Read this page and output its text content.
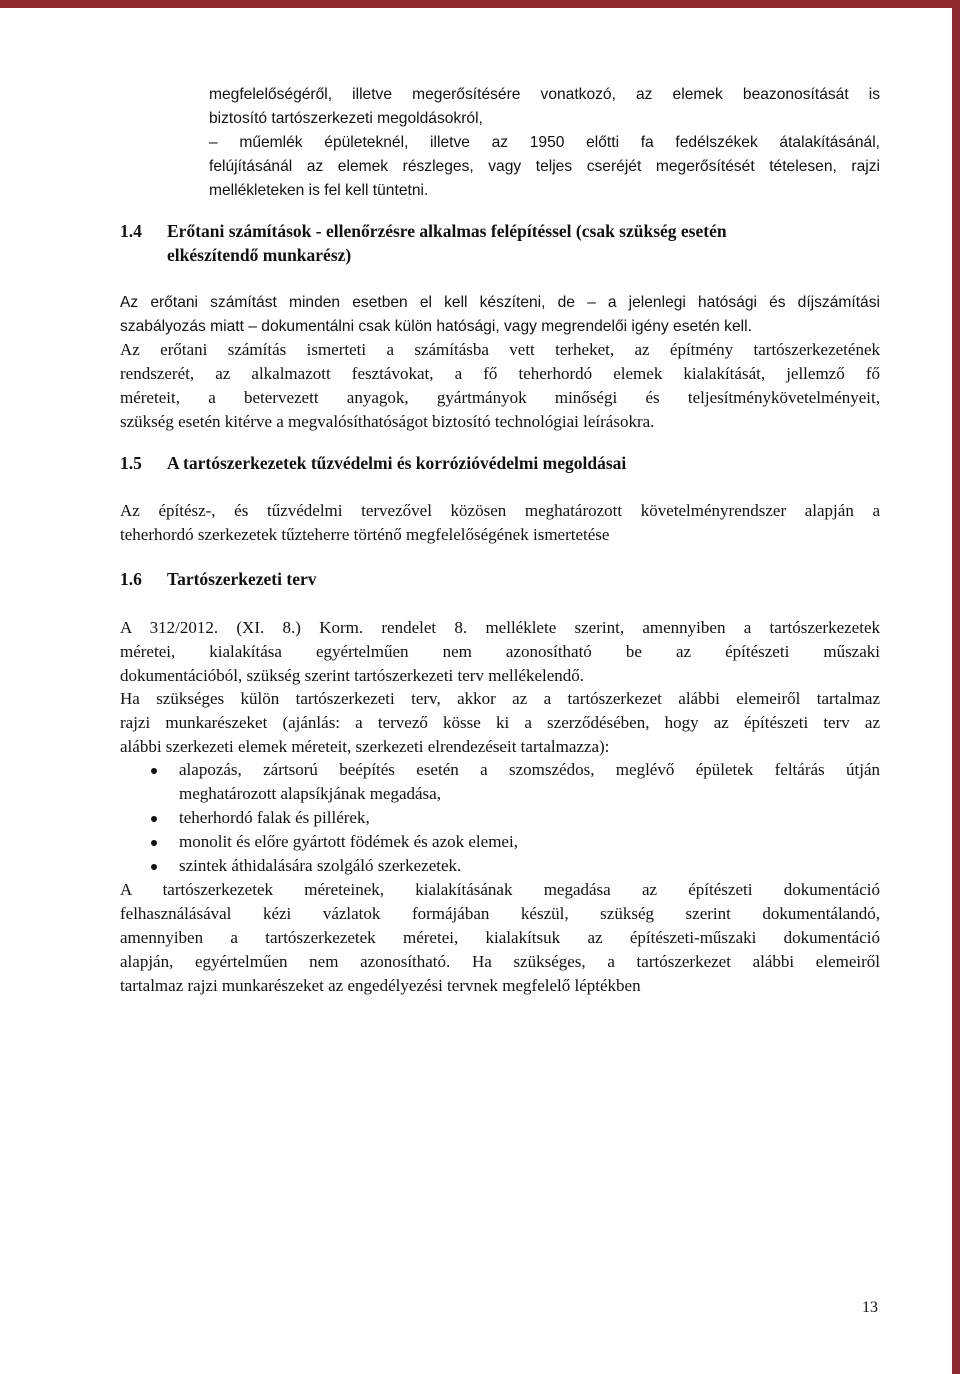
megfelelőségéről, illetve megerősítésére vonatkozó, az elemek beazonosítását is
biztosító tartószerkezeti megoldásokról,
– műemlék épületeknél, illetve az 1950 előtti fa fedélszékek átalakításánál,
felújításánál az elemek részleges, vagy teljes cseréjét megerősítését tételesen, rajzi
mellékleteken is fel kell tüntetni.
1.4 Erőtani számítások - ellenőrzésre alkalmas felépítéssel (csak szükség esetén
elkészítendő munkarész)
Az erőtani számítást minden esetben el kell készíteni, de – a jelenlegi hatósági és díjszámítási
szabályozás miatt – dokumentálni csak külön hatósági, vagy megrendelői igény esetén kell.
Az erőtani számítás ismerteti a számításba vett terheket, az építmény tartószerkezetének
rendszerét, az alkalmazott fesztávokat, a fő teherhordó elemek kialakítását, jellemző fő
méreteit, a betervezett anyagok, gyártmányok minőségi és teljesítménykövetelményeit,
szükség esetén kitérve a megvalósíthatóságot biztosító technológiai leírásokra.
1.5 A tartószerkezetek tűzvédelmi és korrózióvédelmi megoldásai
Az építész-, és tűzvédelmi tervezővel közösen meghatározott követelményrendszer alapján a
teherhordó szerkezetek tűzteherre történő megfelelőségének ismertetése
1.6 Tartószerkezeti terv
A 312/2012. (XI. 8.) Korm. rendelet 8. melléklete szerint, amennyiben a tartószerkezetek
méretei, kialakítása egyértelműen nem azonosítható be az építészeti műszaki
dokumentációból, szükség szerint tartószerkezeti terv mellékelendő.
Ha szükséges külön tartószerkezeti terv, akkor az a tartószerkezet alábbi elemeiről tartalmaz
rajzi munkarészeket (ajánlás: a tervező kösse ki a szerződésében, hogy az építészeti terv az
alábbi szerkezeti elemek méreteit, szerkezeti elrendezéseit tartalmazza):
alapozás, zártsorú beépítés esetén a szomszédos, meglévő épületek feltárás útján
meghatározott alapsíkjának megadása,
teherhordó falak és pillérek,
monolit és előre gyártott födémek és azok elemei,
szintek áthidalására szolgáló szerkezetek.
A tartószerkezetek méreteinek, kialakításának megadása az építészeti dokumentáció
felhasználásával kézi vázlatok formájában készül, szükség szerint dokumentálandó,
amennyiben a tartószerkezetek méretei, kialakítsuk az építészeti-műszaki dokumentáció
alapján, egyértelműen nem azonosítható. Ha szükséges, a tartószerkezet alábbi elemeiről
tartalmaz rajzi munkarészeket az engedélyezési tervnek megfelelő léptékben
13
